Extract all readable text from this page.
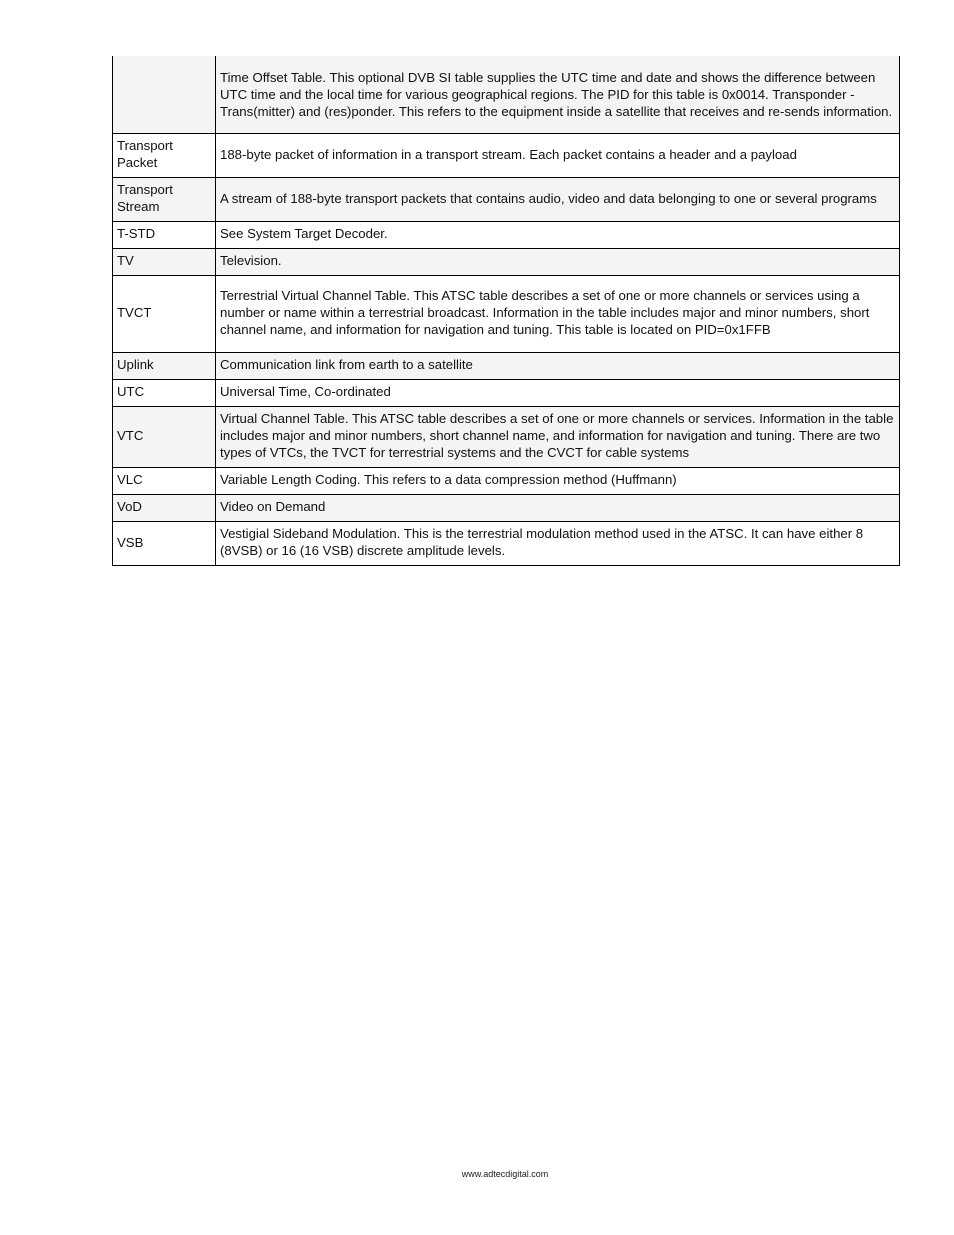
	Time Offset Table. This optional DVB SI table supplies the UTC time and date and shows the difference between UTC time and the local time for various geographical regions. The PID for this table is 0x0014. Transponder - Trans(mitter) and (res)ponder. This refers to the equipment inside a satellite that receives and re-sends information.
Transport Packet	188-byte packet of information in a transport stream. Each packet contains a header and a payload
Transport Stream	A stream of 188-byte transport packets that contains audio, video and data belonging to one or several programs
T-STD	See System Target Decoder.
TV	Television.
TVCT	Terrestrial Virtual Channel Table. This ATSC table describes a set of one or more channels or services using a number or name within a terrestrial broadcast. Information in the table includes major and minor numbers, short channel name, and information for navigation and tuning. This table is located on PID=0x1FFB
Uplink	Communication link from earth to a satellite
UTC	Universal Time, Co-ordinated
VTC	Virtual Channel Table. This ATSC table describes a set of one or more channels or services. Information in the table includes major and minor numbers, short channel name, and information for navigation and tuning. There are two types of VTCs, the TVCT for terrestrial systems and the CVCT for cable systems
VLC	Variable Length Coding. This refers to a data compression method (Huffmann)
VoD	Video on Demand
VSB	Vestigial Sideband Modulation. This is the terrestrial modulation method used in the ATSC. It can have either 8 (8VSB) or 16 (16 VSB) discrete amplitude levels.
www.adtecdigital.com
